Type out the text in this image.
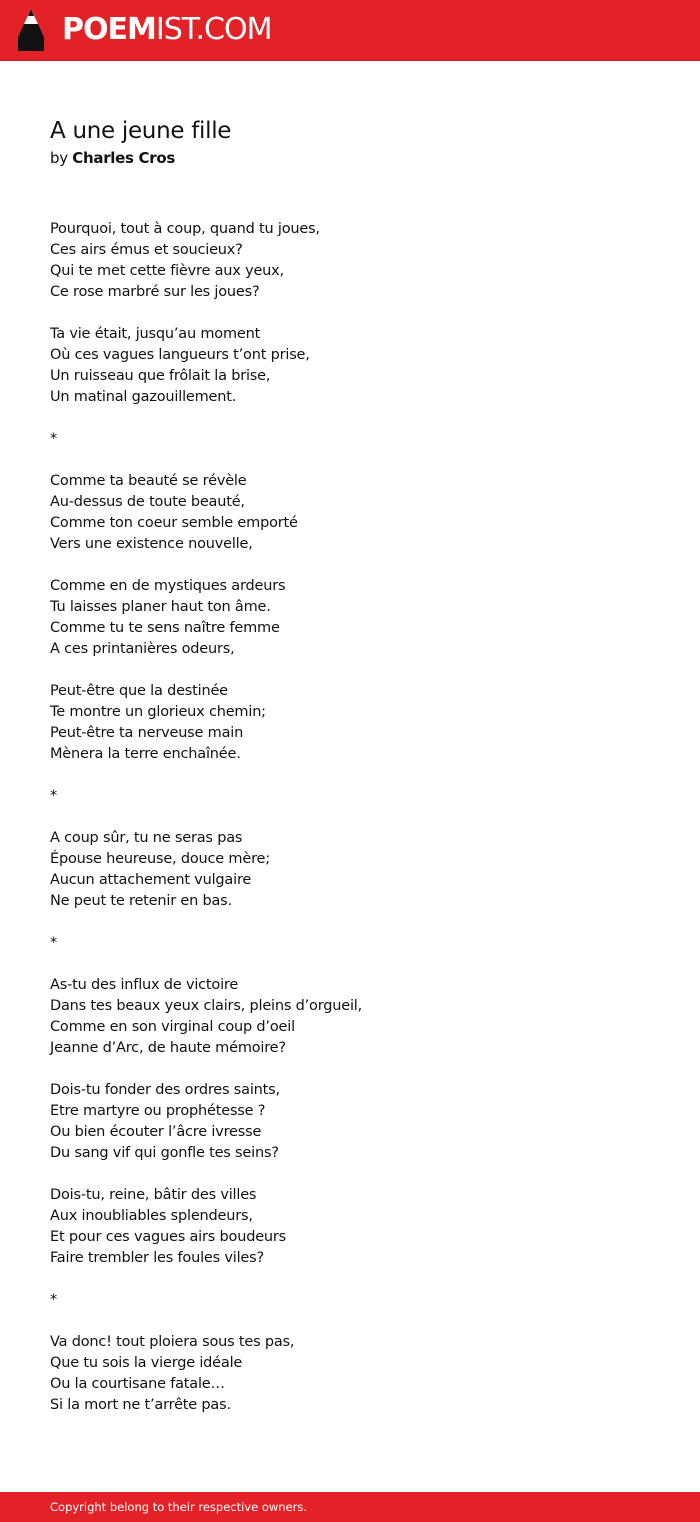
POEMIST.COM
A une jeune fille
by Charles Cros
Pourquoi, tout à coup, quand tu joues,
Ces airs émus et soucieux?
Qui te met cette fièvre aux yeux,
Ce rose marbré sur les joues?
Ta vie était, jusqu’au moment
Où ces vagues langueurs t’ont prise,
Un ruisseau que frôlait la brise,
Un matinal gazouillement.
*
Comme ta beauté se révèle
Au-dessus de toute beauté,
Comme ton coeur semble emporté
Vers une existence nouvelle,
Comme en de mystiques ardeurs
Tu laisses planer haut ton âme.
Comme tu te sens naître femme
A ces printanières odeurs,
Peut-être que la destinée
Te montre un glorieux chemin;
Peut-être ta nerveuse main
Mènera la terre enchaînée.
*
A coup sûr, tu ne seras pas
Épouse heureuse, douce mère;
Aucun attachement vulgaire
Ne peut te retenir en bas.
*
As-tu des influx de victoire
Dans tes beaux yeux clairs, pleins d’orgueil,
Comme en son virginal coup d’oeil
Jeanne d’Arc, de haute mémoire?
Dois-tu fonder des ordres saints,
Etre martyre ou prophétesse ?
Ou bien écouter l’âcre ivresse
Du sang vif qui gonfle tes seins?
Dois-tu, reine, bâtir des villes
Aux inoubliables splendeurs,
Et pour ces vagues airs boudeurs
Faire trembler les foules viles?
*
Va donc! tout ploiera sous tes pas,
Que tu sois la vierge idéale
Ou la courtisane fatale…
Si la mort ne t’arrête pas.
Copyright belong to their respective owners.
